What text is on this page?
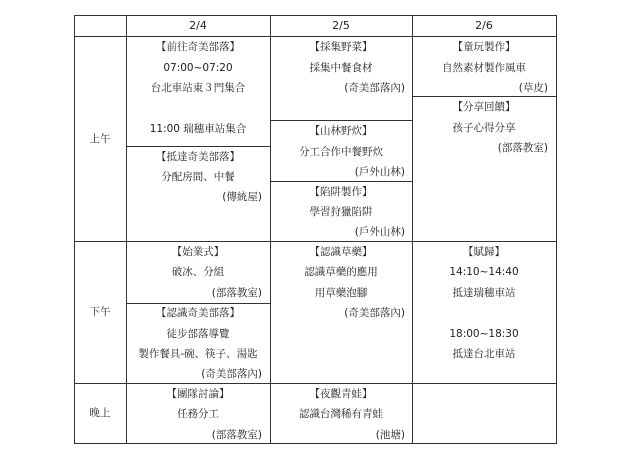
2/4	2/5	2/6
上午
下午
晚上
【前往奇美部落】
07:00~07:20
台北車站東３門集合
11:00 瑞穗車站集合
【抵達奇美部落】
分配房間、中餐
(傳統屋)
【採集野菜】
採集中餐食材
(奇美部落內)
【山林野炊】
分工合作中餐野炊
(戶外山林)
【陷阱製作】
學習狩獵陷阱
(戶外山林)
【童玩製作】
自然素材製作風車
(草皮)
【分享回饋】
孩子心得分享
(部落教室)
【始業式】
破冰、分組
(部落教室)
【認識奇美部落】
徒步部落導覽
製作餐具-碗、筷子、湯匙
(奇美部落內)
【認識草藥】
認識草藥的應用
用草藥泡腳
(奇美部落內)
【賦歸】
14:10~14:40
抵達瑞穗車站
18:00~18:30
抵達台北車站
【團隊討論】
任務分工
(部落教室)
【夜觀青蛙】
認識台灣稀有青蛙
(池塘)
